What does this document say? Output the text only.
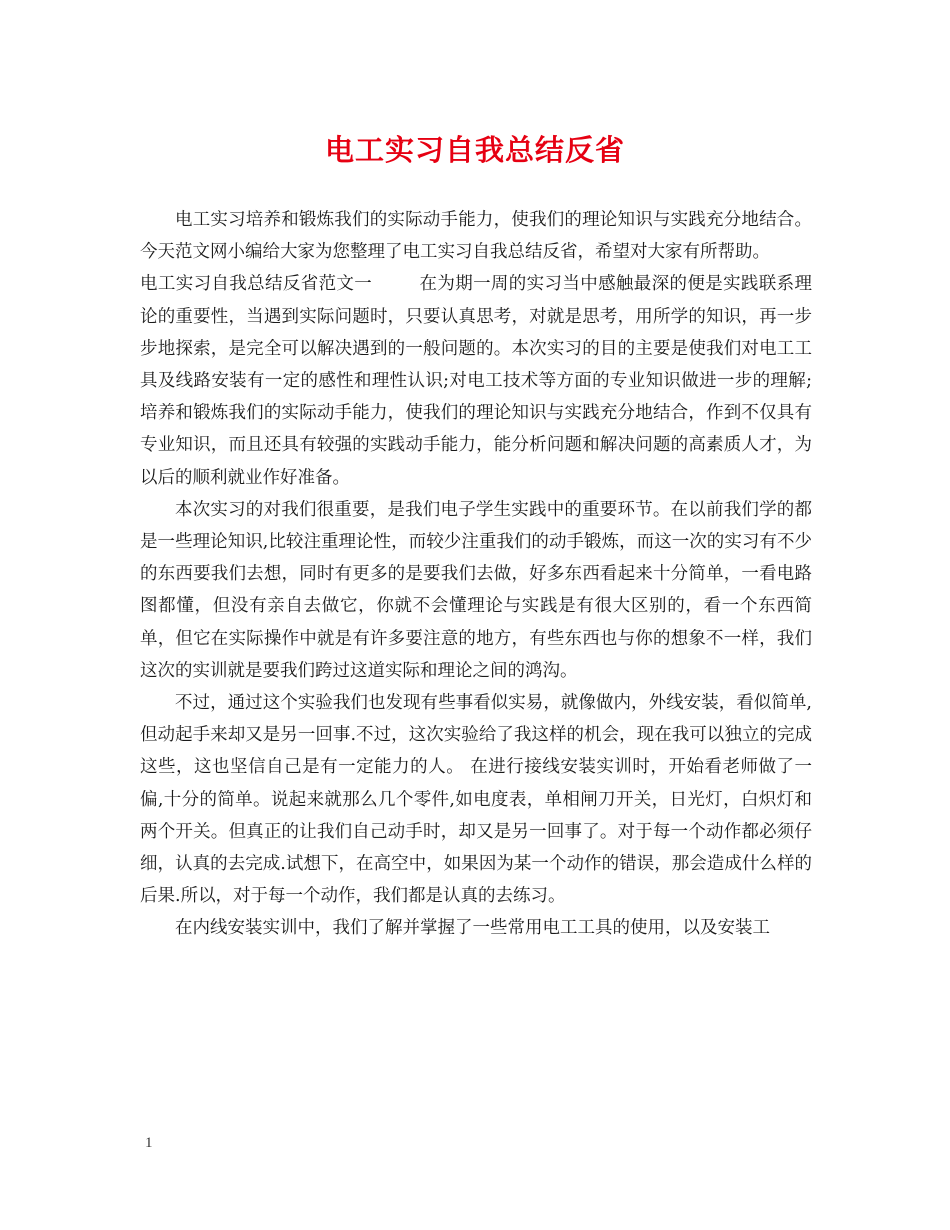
电工实习自我总结反省

电工实习培养和锻炼我们的实际动手能力，使我们的理论知识与实践充分地结合。今天范文网小编给大家为您整理了电工实习自我总结反省，希望对大家有所帮助。

电工实习自我总结反省范文一	在为期一周的实习当中感触最深的便是实践联系理论的重要性，当遇到实际问题时，只要认真思考，对就是思考，用所学的知识，再一步步地探索，是完全可以解决遇到的一般问题的。本次实习的目的主要是使我们对电工工具及线路安装有一定的感性和理性认识;对电工技术等方面的专业知识做进一步的理解;培养和锻炼我们的实际动手能力，使我们的理论知识与实践充分地结合，作到不仅具有专业知识，而且还具有较强的实践动手能力，能分析问题和解决问题的高素质人才，为以后的顺利就业作好准备。

本次实习的对我们很重要，是我们电子学生实践中的重要环节。在以前我们学的都是一些理论知识,比较注重理论性，而较少注重我们的动手锻炼，而这一次的实习有不少的东西要我们去想，同时有更多的是要我们去做，好多东西看起来十分简单，一看电路图都懂，但没有亲自去做它，你就不会懂理论与实践是有很大区别的，看一个东西简单，但它在实际操作中就是有许多要注意的地方，有些东西也与你的想象不一样，我们这次的实训就是要我们跨过这道实际和理论之间的鸿沟。

不过，通过这个实验我们也发现有些事看似实易，就像做内，外线安装，看似简单,但动起手来却又是另一回事.不过，这次实验给了我这样的机会，现在我可以独立的完成这些，这也坚信自己是有一定能力的人。 在进行接线安装实训时，开始看老师做了一偏,十分的简单。说起来就那么几个零件,如电度表，单相闸刀开关，日光灯，白炽灯和两个开关。但真正的让我们自己动手时，却又是另一回事了。对于每一个动作都必须仔细，认真的去完成.试想下，在高空中，如果因为某一个动作的错误，那会造成什么样的后果.所以，对于每一个动作，我们都是认真的去练习。

在内线安装实训中，我们了解并掌握了一些常用电工工具的使用，以及安装工

1
